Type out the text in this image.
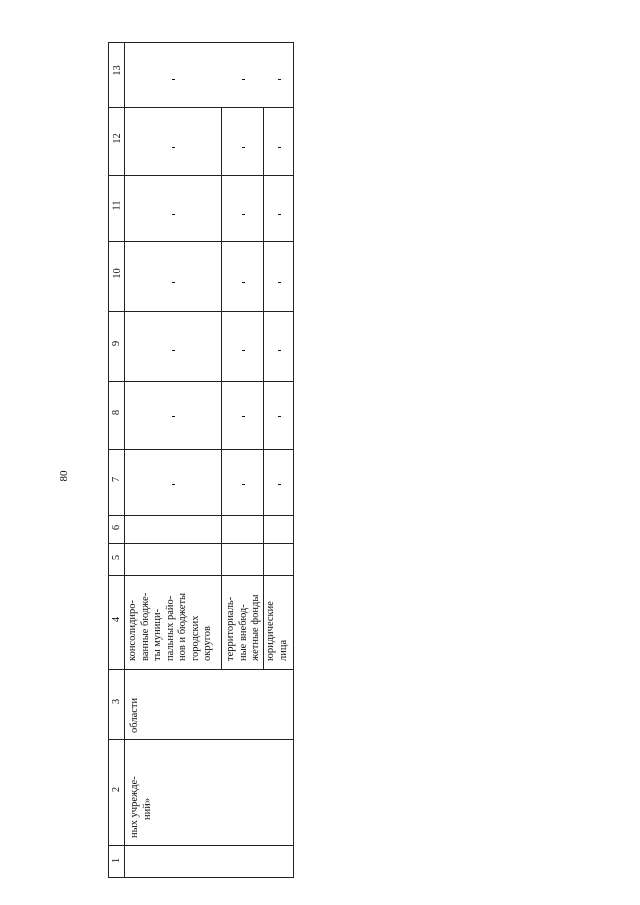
80
13
12
11
10
9
8
7
6
5
4
3
2
1
ных учрежде- ний»
области
консолидиро- ванные бюдже- ты муници- пальных райо- нов и бюджеты городских округов территориаль- ные внебюд- жетные фонды юридические лица
